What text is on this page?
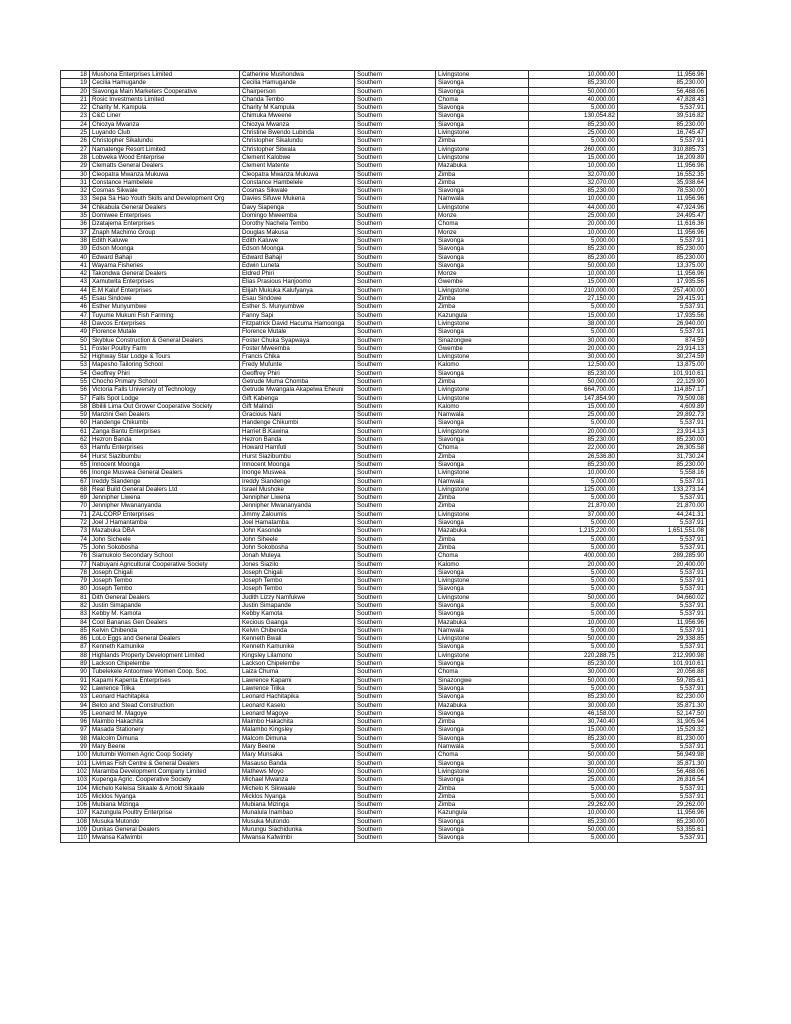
18	Mushona Enterprises Limited	Catherine Mushondwa	Southern	Livingstone	10,000.00	11,956.96
19	Cecilia Hamugande	Cecilia Hamugande	Southern	Siavonga	85,230.00	85,230.00
20	Siavonga Main Marketers Cooperative	Chairperson	Southern	Siavonga	50,000.00	56,488.06
21	Rosic Investments Limited	Chanda Tembo	Southern	Choma	40,000.00	47,828.43
22	Charity M. Kampula	Charity M Kampula	Southern	Siavonga	5,000.00	5,537.91
23	C&C Liner	Chimuka Mweene	Southern	Siavonga	130,054.82	39,516.82
24	Chiozya Mwanza	Chiozya Mwanza	Southern	Siavonga	85,230.00	85,230.00
25	Luyando Club	Christine Bwendo Lubinda	Southern	Livingstone	25,000.00	16,745.47
26	Christopher Sikalundu	Christopher Sikalundu	Southern	Zimba	5,000.00	5,537.91
27	Namatenge Resort Limited	Christopher Sitwala	Southern	Livingstone	260,000.00	310,885.73
28	Lobweka Wood Enterprise	Clement Kalobwe	Southern	Livingstone	15,000.00	16,209.89
29	Clematts General Dealers	Clement Matente	Southern	Mazabuka	10,000.00	11,956.96
30	Cleopatra Mwanza Mukuwa	Cleopatra Mwanza Mukuwa	Southern	Zimba	32,070.00	16,552.35
31	Constance Hambelele	Constance Hambelele	Southern	Zimba	32,070.00	35,938.64
32	Cosmas Sikwale	Cosmas Sikwale	Southern	Siavonga	85,230.00	78,530.00
33	Sepa Sa Hao Youth Skills and Development Org	Davies Sifuwe Mukena	Southern	Namwala	10,000.00	11,956.96
34	Chikabula General Dealers	Davy Siapenga	Southern	Livingstone	44,000.00	47,924.96
35	Domiwee Enterprises	Domingo Mweemba	Southern	Monze	25,000.00	24,495.47
36	Dzatajema Enterprises	Dorothy Nachela Tembo	Southern	Choma	20,000.00	11,616.36
37	Znaph Machimo Group	Douglas Makusa	Southern	Monze	10,000.00	11,956.96
38	Edith Kaluwe	Edith Kaluwe	Southern	Siavonga	5,000.00	5,537.91
39	Edson Moonga	Edson Moonga	Southern	Siavonga	85,230.00	85,230.00
40	Edward Bahaji	Edward Bahaji	Southern	Siavonga	85,230.00	85,230.00
41	Wayama Fisheries	Edwin Luneta	Southern	Siavonga	50,000.00	13,375.00
42	Takondwa General Dealers	Eldred Phiri	Southern	Monze	10,000.00	11,956.96
43	Xamutwita Enterprises	Elias Prasious Hanjoomo	Southern	Gwembe	15,000.00	17,935.56
44	E.M Kaluf Enterprises	Elijah Mukuka Kalufyanya	Southern	Livingstone	210,000.00	257,400.00
45	Esau Sindowe	Esau Sindowe	Southern	Zimba	27,150.00	29,415.91
46	Esther Munyumbwe	Esther S. Munyumbwe	Southern	Zimba	5,000.00	5,537.91
47	Tuyume Mukuni Fish Farming	Fanny Sapi	Southern	Kazungula	15,000.00	17,935.56
48	Davcos Enterprises	Fitzpatrick David Hacuma Hamoonga	Southern	Livingstone	38,000.00	26,940.00
49	Florence Mutale	Florence Mutale	Southern	Siavonga	5,000.00	5,537.91
50	Skyblue Construction & General Dealers	Foster Chuka Syapwaya	Southern	Sinazongwe	30,000.00	874.59
51	Foster Poultry Farm	Foster Mweemba	Southern	Gwembe	20,000.00	23,914.13
52	Highway Star Lodge & Tours	Francis Chika	Southern	Livingstone	30,000.00	30,274.59
53	Mapesho Tailoring School	Fredy Mufunte	Southern	Kalomo	12,500.00	13,875.00
54	Geoffrey Phiri	Geoffrey Phiri	Southern	Siavonga	85,230.00	101,910.61
55	Chocho Primary School	Getrude Muma Chomba	Southern	Zimba	50,000.00	22,129.90
56	Victoria Falls University of Technology	Getrude Mwangala Akapelwa Eheuni	Southern	Livingstone	664,700.00	114,857.17
57	Falls Spot Lodge	Gift Kabenga	Southern	Livingstone	147,854.90	79,509.08
58	Bbilili Lima Out Grower Cooperative Society	Gift Malindi	Southern	Kalomo	15,000.00	4,609.89
59	Manzini Gen Dealers	Gracious Nani	Southern	Namwala	25,000.00	29,892.73
60	Handenge Chikumbi	Handenge Chikumbi	Southern	Siavonga	5,000.00	5,537.91
61	Zanga Bantu Enterprises	Harriet B.Kawina	Southern	Livingstone	20,000.00	23,914.13
62	Hezron Banda	Hezron Banda	Southern	Siavonga	85,230.00	85,230.00
63	Hamfu Enterprises	Howard Hamfuti	Southern	Choma	22,000.00	26,305.58
64	Hurst Siazibumbu	Hurst Siazibumbu	Southern	Zimba	26,536.80	31,730.24
65	Innocent Moonga	Innocent Moonga	Southern	Siavonga	85,230.00	85,230.00
66	Inonge Muswea General Dealers	Inonge Muswea	Southern	Livingstone	10,000.00	5,558.16
67	Ireddy Siandenge	Ireddy Siandenge	Southern	Namwala	5,000.00	5,537.91
68	Real Build General Dealers Ltd	Israel Mushoke	Southern	Livingstone	125,000.00	133,273.14
69	Jennipher Liwena	Jennipher Liwena	Southern	Zimba	5,000.00	5,537.91
70	Jennipher Mwananyanda	Jennipher Mwananyanda	Southern	Zimba	21,870.00	21,870.00
71	ZALCORP Enterprises	Jimmy Zaloumis	Southern	Livingstone	37,000.00	44,241.31
72	Joel J Hamantamba	Joel Hamatamba	Southern	Siavonga	5,000.00	5,537.91
73	Mazabuka DBA	John Kasonde	Southern	Mazabuka	1,215,220.00	1,651,551.08
74	John Sicheele	John Siheele	Southern	Zimba	5,000.00	5,537.91
75	John Sokobosha	John Sokobosha	Southern	Zimba	5,000.00	5,537.91
76	Siamukolo Secondary School	Jonah Muleya	Southern	Choma	400,000.00	289,285.90
77	Nabuyani Agricultural Cooperative Society	Jones Siazilo	Southern	Kalomo	20,000.00	20,400.00
78	Joseph Chigali	Joseph Chigali	Southern	Siavonga	5,000.00	5,537.91
79	Joseph Tembo	Joseph Tembo	Southern	Livingstone	5,000.00	5,537.91
80	Joseph Tembo	Joseph Tembo	Southern	Siavonga	5,000.00	5,537.91
81	Dith General Dealers	Judith Lizzy Namfukwe	Southern	Livingstone	50,000.00	94,660.02
82	Justin Simapande	Justin Simapande	Southern	Siavonga	5,000.00	5,537.91
83	Kebby M. Kamota	Kebby Kamota	Southern	Siavonga	5,000.00	5,537.91
84	Cool Bananas Gen Dealers	Kecious Gaanga	Southern	Mazabuka	10,000.00	11,956.96
85	Kelvin Chibenda	Kelvin Chibenda	Southern	Namwala	5,000.00	5,537.91
86	LoLo Eggs and General Dealers	Kenneth Bwali	Southern	Livingstone	50,000.00	29,338.85
87	Kenneth Kamunike	Kenneth Kamunike	Southern	Siavonga	5,000.00	5,537.91
88	Highlands Property Development Limited	Kingsley Lilamono	Southern	Livingstone	220,288.75	212,990.98
89	Lackson Chipelembe	Lackson Chipelembe	Southern	Siavonga	85,230.00	101,910.61
90	Tubelekele Antoomwe Women Coop. Soc.	Laiza Chuma	Southern	Choma	30,000.00	20,056.88
91	Kapami Kapenta Enterprises	Lawrence Kapami	Southern	Sinazongwe	50,000.00	59,785.61
92	Lawrence Tilika	Lawrence Tilika	Southern	Siavonga	5,000.00	5,537.91
93	Leonard Hachitapika	Leonard Hachitapika	Southern	Siavonga	85,230.00	82,230.00
94	Belco and Stead Construction	Leonard Kaselo	Southern	Mazabuka	30,000.00	35,871.30
95	Leonard M. Magoye	Leonard Magoye	Southern	Siavonga	46,158.00	52,147.50
96	Maimbo Hakachita	Maimbo Hakachita	Southern	Zimba	30,740.40	31,905.94
97	Masada Stationery	Malambo Kingsley	Southern	Siavonga	15,000.00	15,529.32
98	Malcolm Dimuna	Malcom Dimuna	Southern	Siavonga	85,230.00	81,230.00
99	Mary Beene	Mary Beene	Southern	Namwala	5,000.00	5,537.91
100	Mutumbi Women Agric Coop Society	Mary Munsaka	Southern	Choma	50,000.00	56,949.98
101	Livimas Fish Centre & General Dealers	Masauso Banda	Southern	Siavonga	30,000.00	35,871.30
102	Maramba Development Company Limited	Mathews Moyo	Southern	Livingstone	50,000.00	56,488.06
103	Kupenga Agric. Cooperative Society	Michael Mwanza	Southern	Siavonga	25,000.00	26,816.54
104	Michelo Keleisa Sikaale & Arnold Sikaale	Michelo K Sikwaale	Southern	Zimba	5,000.00	5,537.91
105	Micklos Nyanga	Micklos Nyanga	Southern	Zimba	5,000.00	5,537.91
106	Mubiana Mizinga	Mubiana Mizinga	Southern	Zimba	29,262.00	29,262.00
107	Kazungula Poultry Enterprise	Munalula Inambao	Southern	Kazungula	10,000.00	11,956.96
108	Musuka Mutondo	Musuka Mutondo	Southern	Siavonga	85,230.00	85,230.00
109	Dunkas General Dealers	Murungu Siachidunka	Southern	Siavonga	50,000.00	53,355.61
110	Mwansa Kafwimbi	Mwansa Kafwimbi	Southern	Siavonga	5,000.00	5,537.91
